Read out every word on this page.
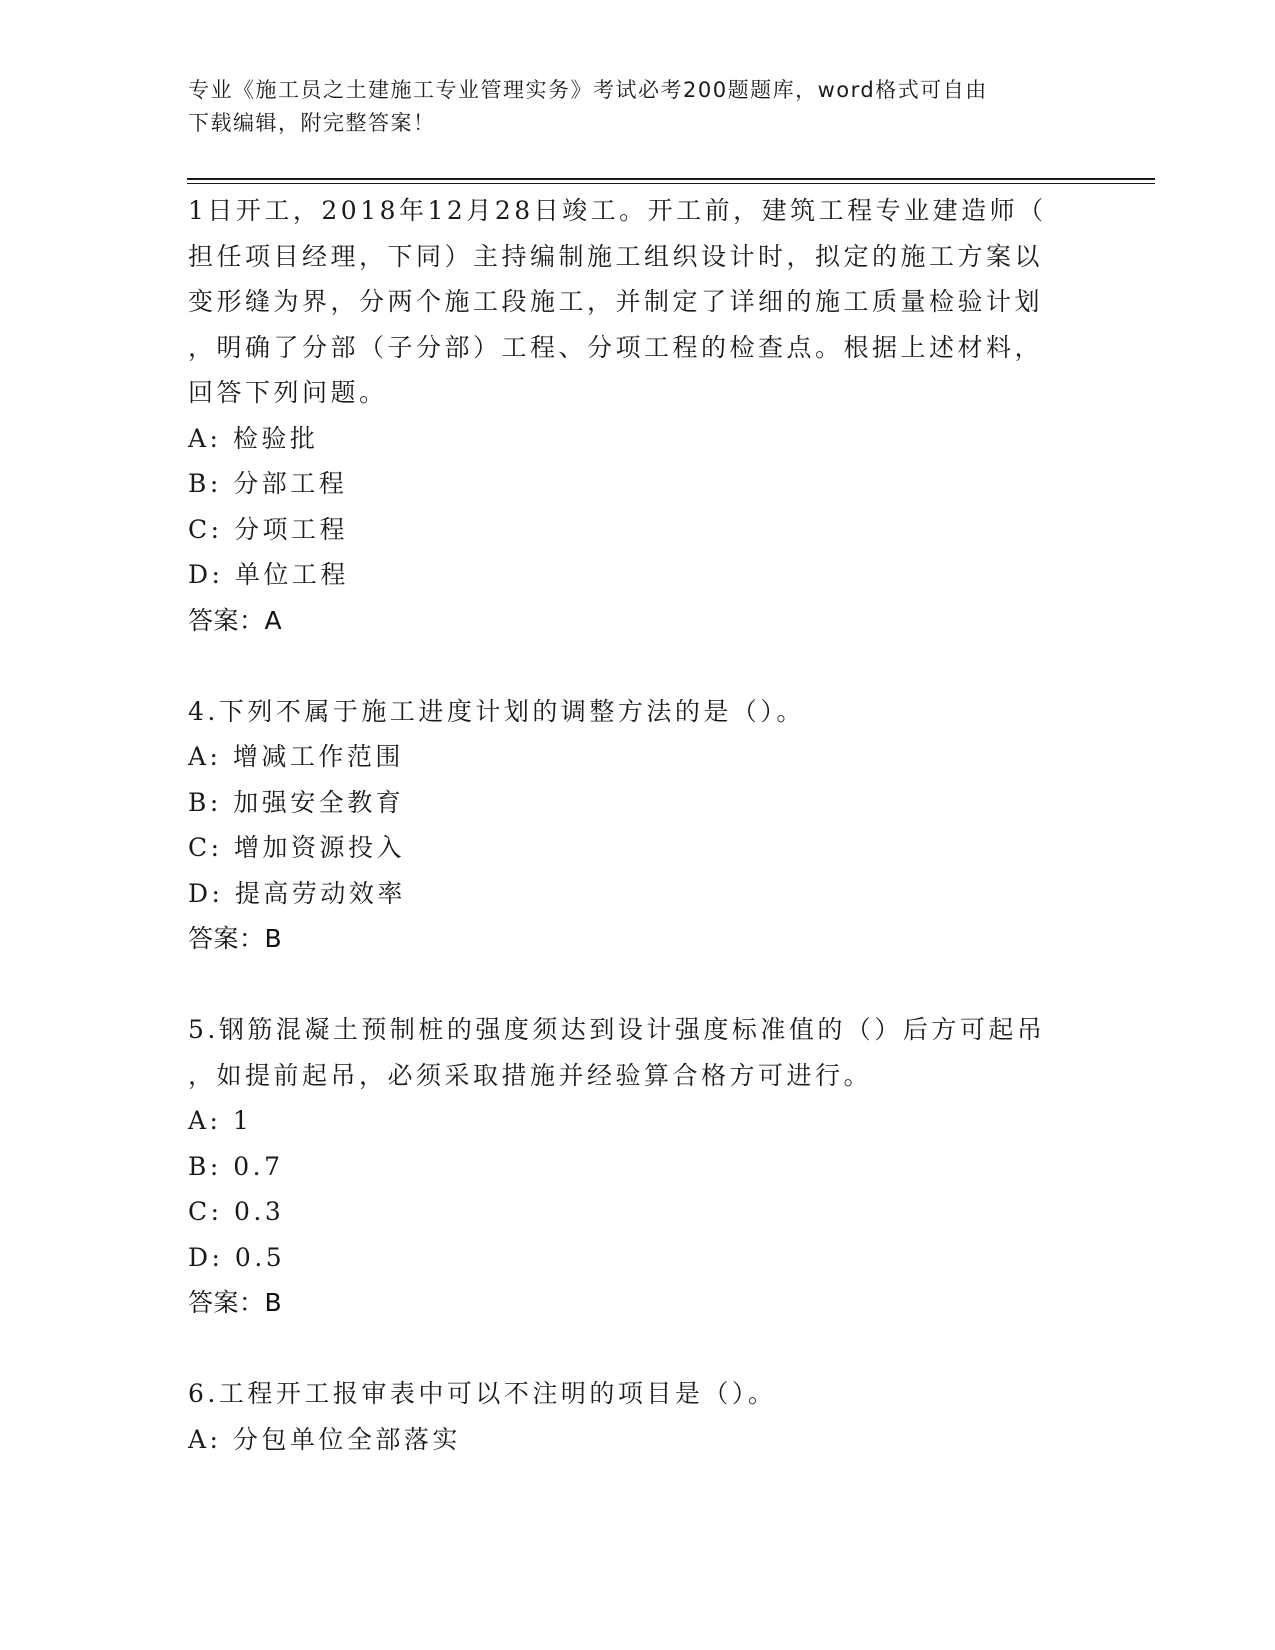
专业《施工员之土建施工专业管理实务》考试必考200题题库，word格式可自由
下载编辑，附完整答案！
1日开工，2018年12月28日竣工。开工前，建筑工程专业建造师（
担任项目经理，下同）主持编制施工组织设计时，拟定的施工方案以
变形缝为界，分两个施工段施工，并制定了详细的施工质量检验计划
，明确了分部（子分部）工程、分项工程的检查点。根据上述材料，
回答下列问题。
A: 检验批
B: 分部工程
C: 分项工程
D: 单位工程
答案：A
4.下列不属于施工进度计划的调整方法的是（）。
A: 增减工作范围
B: 加强安全教育
C: 增加资源投入
D: 提高劳动效率
答案：B
5.钢筋混凝土预制桩的强度须达到设计强度标准值的（）后方可起吊
，如提前起吊，必须采取措施并经验算合格方可进行。
A: 1
B: 0.7
C: 0.3
D: 0.5
答案：B
6.工程开工报审表中可以不注明的项目是（）。
A: 分包单位全部落实
